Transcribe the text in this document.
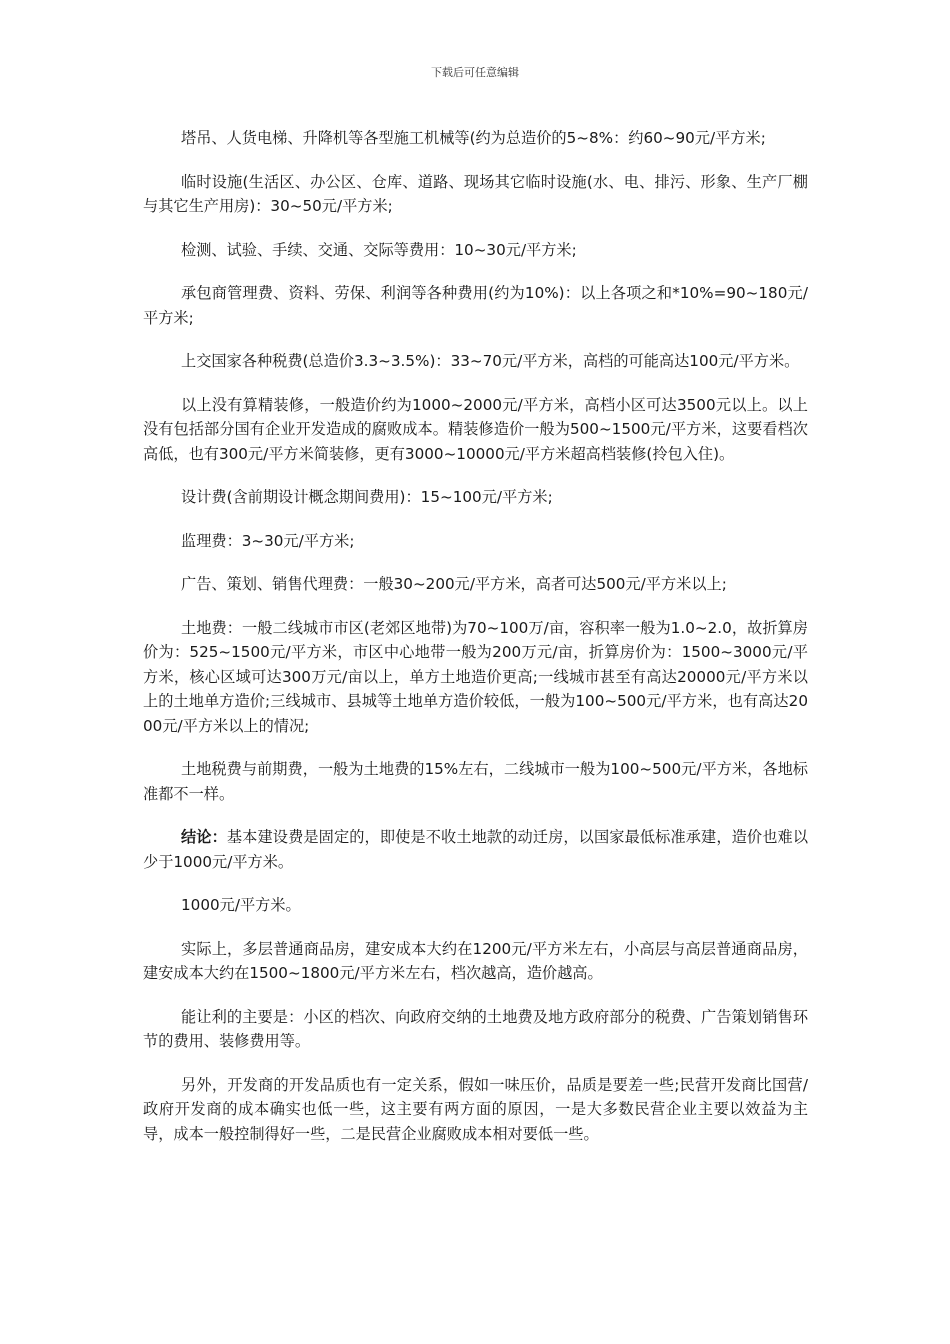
下载后可任意编辑

塔吊、人货电梯、升降机等各型施工机械等(约为总造价的5~8%：约60~90元/平方米;

临时设施(生活区、办公区、仓库、道路、现场其它临时设施(水、电、排污、形象、生产厂棚与其它生产用房)：30~50元/平方米;

检测、试验、手续、交通、交际等费用：10~30元/平方米;

承包商管理费、资料、劳保、利润等各种费用(约为10%)：以上各项之和*10%=90~180元/平方米;

上交国家各种税费(总造价3.3~3.5%)：33~70元/平方米，高档的可能高达100元/平方米。

以上没有算精装修，一般造价约为1000~2000元/平方米，高档小区可达3500元以上。以上没有包括部分国有企业开发造成的腐败成本。精装修造价一般为500~1500元/平方米，这要看档次高低，也有300元/平方米简装修，更有3000~10000元/平方米超高档装修(拎包入住)。

设计费(含前期设计概念期间费用)：15~100元/平方米;

监理费：3~30元/平方米;

广告、策划、销售代理费：一般30~200元/平方米，高者可达500元/平方米以上;

土地费：一般二线城市市区(老郊区地带)为70~100万/亩，容积率一般为1.0~2.0，故折算房价为：525~1500元/平方米，市区中心地带一般为200万元/亩，折算房价为：1500~3000元/平方米，核心区域可达300万元/亩以上，单方土地造价更高;一线城市甚至有高达20000元/平方米以上的土地单方造价;三线城市、县城等土地单方造价较低，一般为100~500元/平方米，也有高达2000元/平方米以上的情况;

土地税费与前期费，一般为土地费的15%左右，二线城市一般为100~500元/平方米，各地标准都不一样。

结论：基本建设费是固定的，即使是不收土地款的动迁房，以国家最低标准承建，造价也难以少于1000元/平方米。

1000元/平方米。

实际上，多层普通商品房，建安成本大约在1200元/平方米左右，小高层与高层普通商品房，建安成本大约在1500~1800元/平方米左右，档次越高，造价越高。

能让利的主要是：小区的档次、向政府交纳的土地费及地方政府部分的税费、广告策划销售环节的费用、装修费用等。

另外，开发商的开发品质也有一定关系，假如一味压价，品质是要差一些;民营开发商比国营/政府开发商的成本确实也低一些，这主要有两方面的原因，一是大多数民营企业主要以效益为主导，成本一般控制得好一些，二是民营企业腐败成本相对要低一些。
